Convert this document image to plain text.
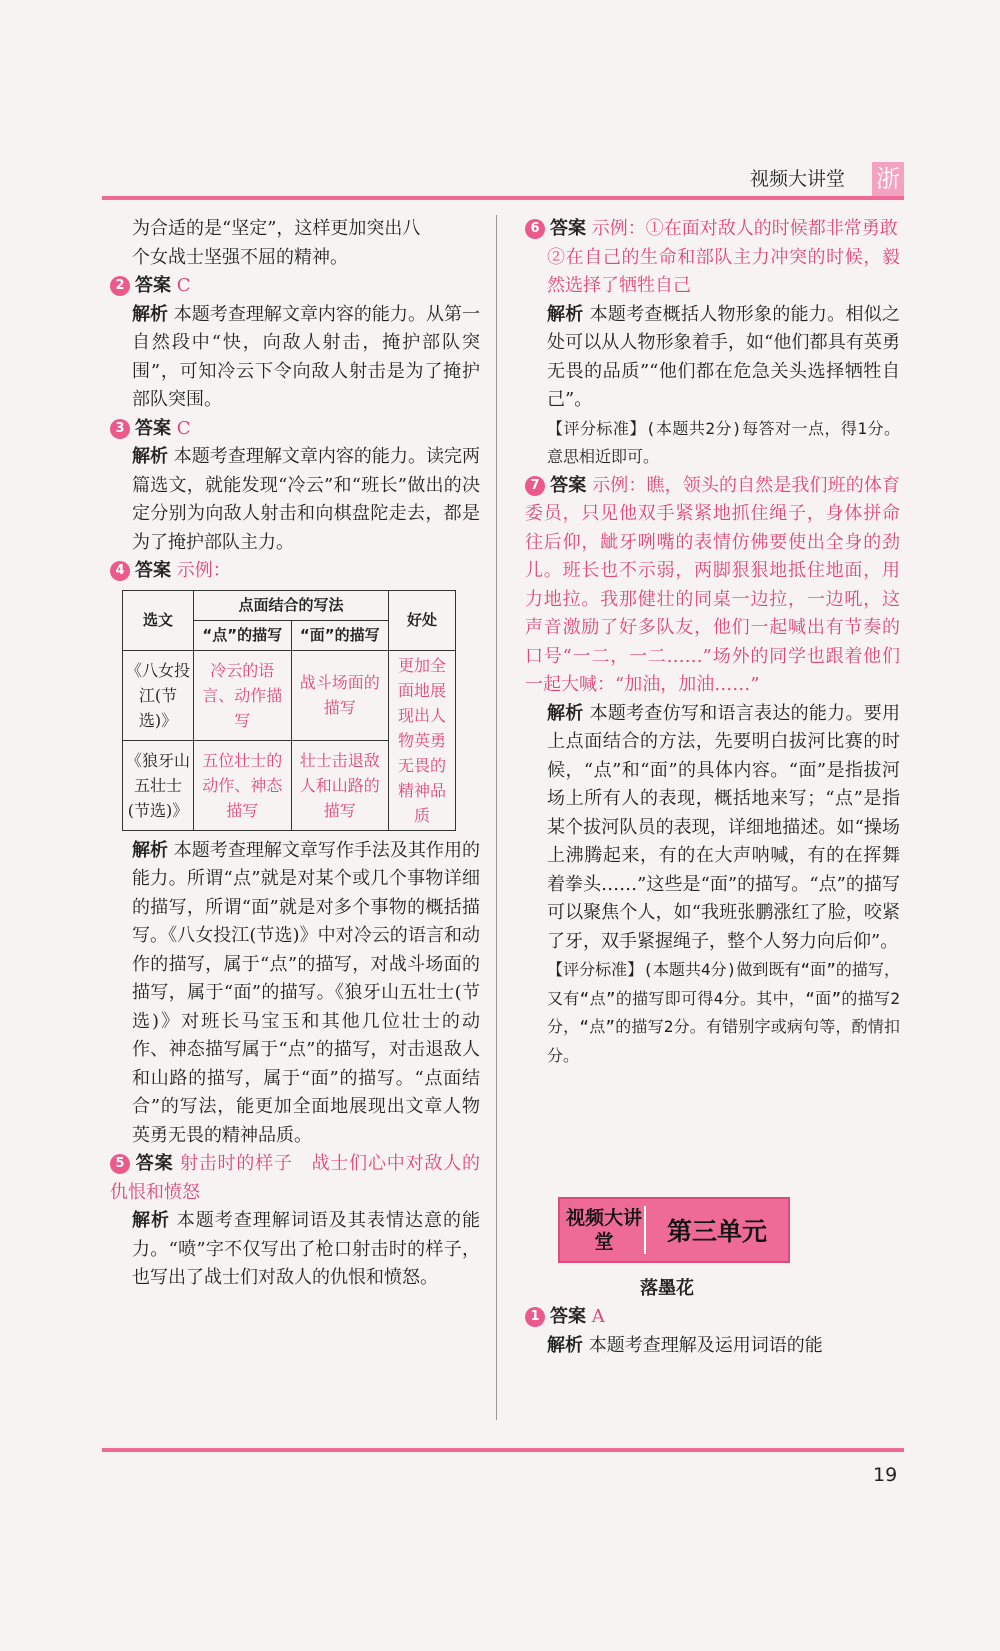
视频大讲堂 浙

为合适的是“坚定”，这样更加突出八

个女战士坚强不屈的精神。

2 答案 C

解析 本题考查理解文章内容的能力。从第一自然段中“快，向敌人射击，掩护部队突围”，可知冷云下令向敌人射击是为了掩护部队突围。

3 答案 C

解析 本题考查理解文章内容的能力。读完两篇选文，就能发现“冷云”和“班长”做出的决定分别为向敌人射击和向棋盘陀走去，都是为了掩护部队主力。

4 答案 示例：

选文	点面结合的写法		好处
	“点”的描写	“面”的描写	
《八女投江(节选)》	冷云的语言、动作描写	战斗场面的描写	更加全面地展现出人物英勇无畏的精神品质
《狼牙山五壮士(节选)》	五位壮士的动作、神态描写	壮士击退敌人和山路的描写	

解析 本题考查理解文章写作手法及其作用的能力。所谓“点”就是对某个或几个事物详细的描写，所谓“面”就是对多个事物的概括描写。《八女投江(节选)》中对冷云的语言和动作的描写，属于“点”的描写，对战斗场面的描写，属于“面”的描写。《狼牙山五壮士(节选)》对班长马宝玉和其他几位壮士的动作、神态描写属于“点”的描写，对击退敌人和山路的描写，属于“面”的描写。“点面结合”的写法，能更加全面地展现出文章人物英勇无畏的精神品质。

5 答案 射击时的样子　战士们心中对敌人的仇恨和愤怒

解析 本题考查理解词语及其表情达意的能力。“喷”字不仅写出了枪口射击时的样子，也写出了战士们对敌人的仇恨和愤怒。

6 答案 示例：①在面对敌人的时候都非常勇敢

②在自己的生命和部队主力冲突的时候，毅然选择了牺牲自己

解析 本题考查概括人物形象的能力。相似之处可以从人物形象着手，如“他们都具有英勇无畏的品质”“他们都在危急关头选择牺牲自己”。

【评分标准】(本题共2分)每答对一点，得1分。意思相近即可。

7 答案 示例：瞧，领头的自然是我们班的体育委员，只见他双手紧紧地抓住绳子，身体拼命往后仰，龇牙咧嘴的表情仿佛要使出全身的劲儿。班长也不示弱，两脚狠狠地抵住地面，用力地拉。我那健壮的同桌一边拉，一边吼，这声音激励了好多队友，他们一起喊出有节奏的口号“一二，一二……”场外的同学也跟着他们一起大喊：“加油，加油……”

解析 本题考查仿写和语言表达的能力。要用上点面结合的方法，先要明白拔河比赛的时候，“点”和“面”的具体内容。“面”是指拔河场上所有人的表现，概括地来写；“点”是指某个拔河队员的表现，详细地描述。如“操场上沸腾起来，有的在大声呐喊，有的在挥舞着拳头……”这些是“面”的描写。“点”的描写可以聚焦个人，如“我班张鹏涨红了脸，咬紧了牙，双手紧握绳子，整个人努力向后仰”。

【评分标准】(本题共4分)做到既有“面”的描写，又有“点”的描写即可得4分。其中，“面”的描写2分，“点”的描写2分。有错别字或病句等，酌情扣分。

视频大讲堂	第三单元
落墨花

1 答案 A

解析 本题考查理解及运用词语的能

19
